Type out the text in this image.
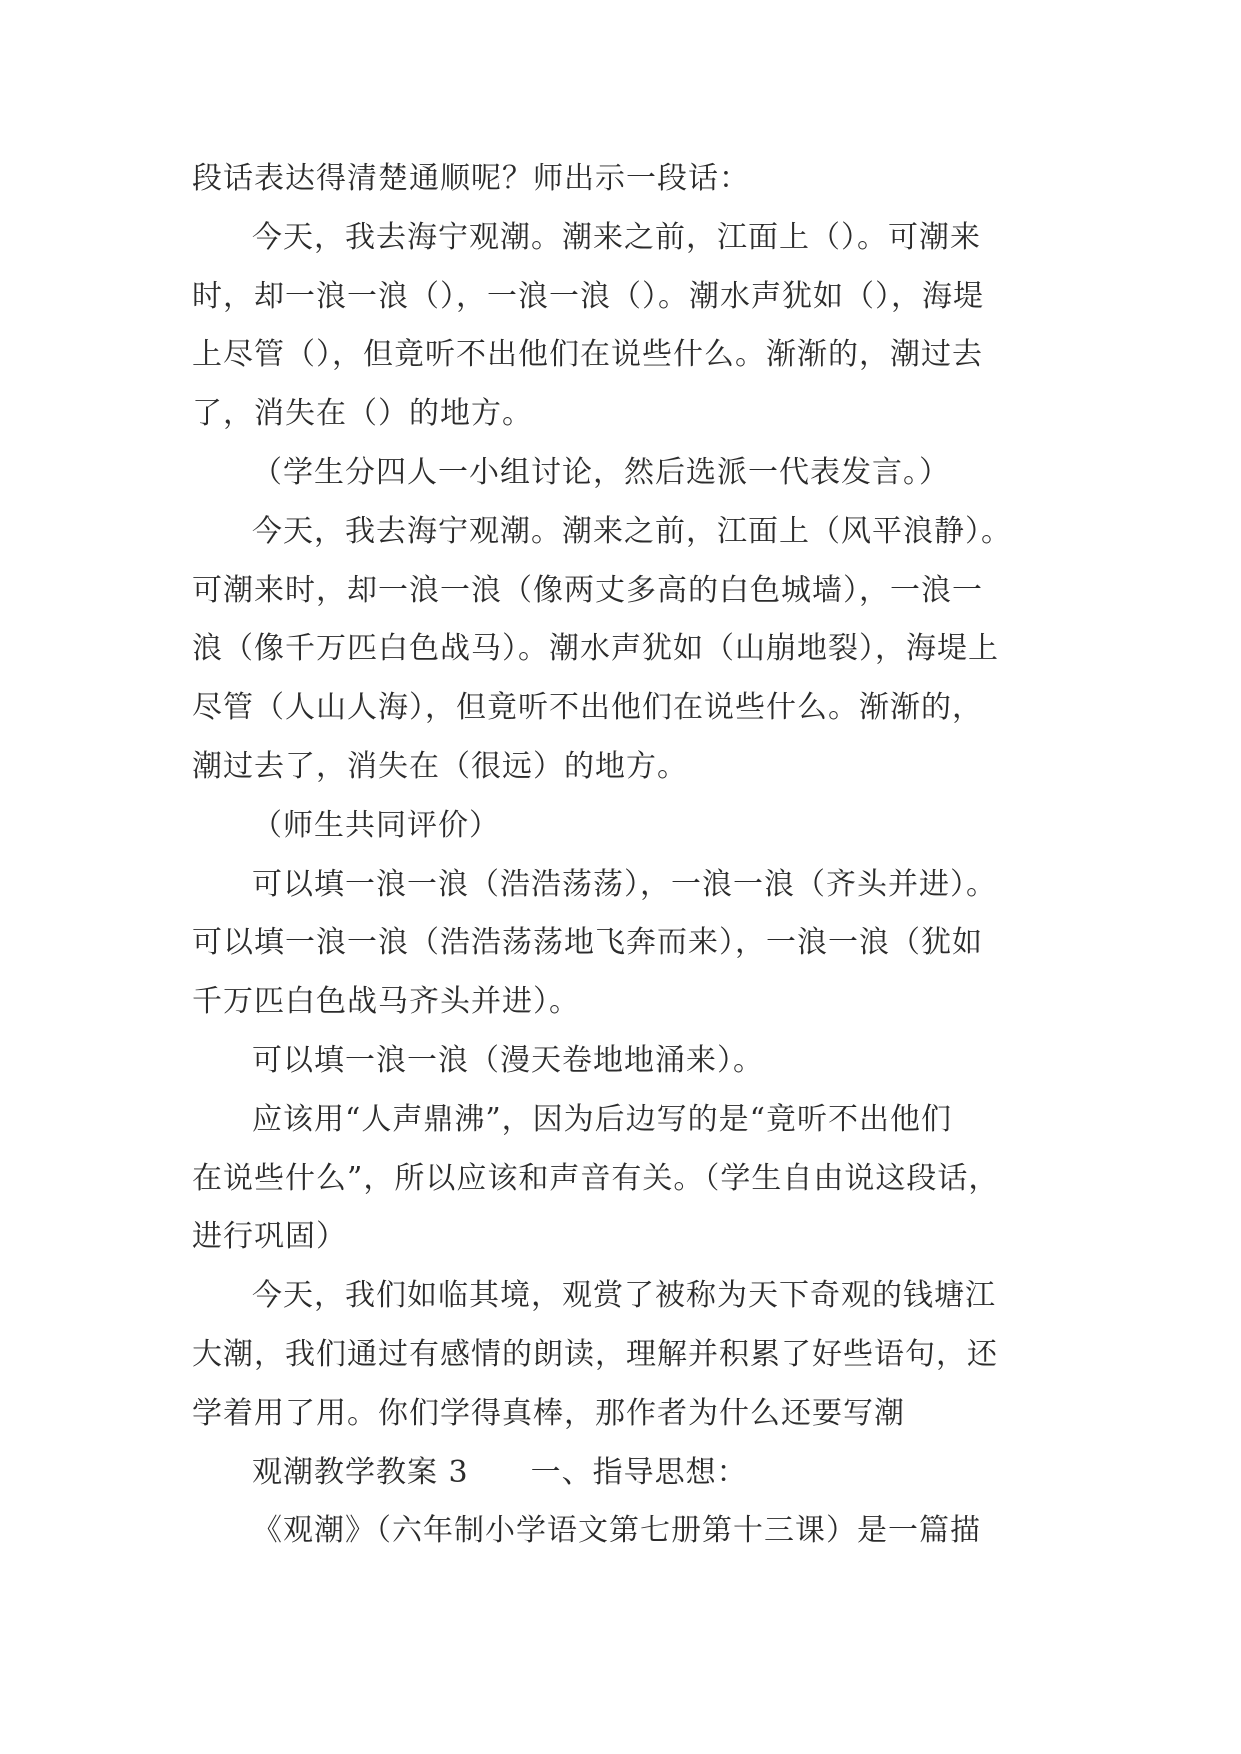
段话表达得清楚通顺呢？师出示一段话：
今天，我去海宁观潮。潮来之前，江面上（）。可潮来
时，却一浪一浪（），一浪一浪（）。潮水声犹如（），海堤
上尽管（），但竟听不出他们在说些什么。渐渐的，潮过去
了，消失在（）的地方。
（学生分四人一小组讨论，然后选派一代表发言。）
今天，我去海宁观潮。潮来之前，江面上（风平浪静）。
可潮来时，却一浪一浪（像两丈多高的白色城墙），一浪一
浪（像千万匹白色战马）。潮水声犹如（山崩地裂），海堤上
尽管（人山人海），但竟听不出他们在说些什么。渐渐的，
潮过去了，消失在（很远）的地方。
（师生共同评价）
可以填一浪一浪（浩浩荡荡），一浪一浪（齐头并进）。
可以填一浪一浪（浩浩荡荡地飞奔而来），一浪一浪（犹如
千万匹白色战马齐头并进）。
可以填一浪一浪（漫天卷地地涌来）。
应该用“人声鼎沸”，因为后边写的是“竟听不出他们
在说些什么”，所以应该和声音有关。（学生自由说这段话，
进行巩固）
今天，我们如临其境，观赏了被称为天下奇观的钱塘江
大潮，我们通过有感情的朗读，理解并积累了好些语句，还
学着用了用。你们学得真棒，那作者为什么还要写潮
观潮教学教案 3　　一、指导思想：
《观潮》（六年制小学语文第七册第十三课）是一篇描
